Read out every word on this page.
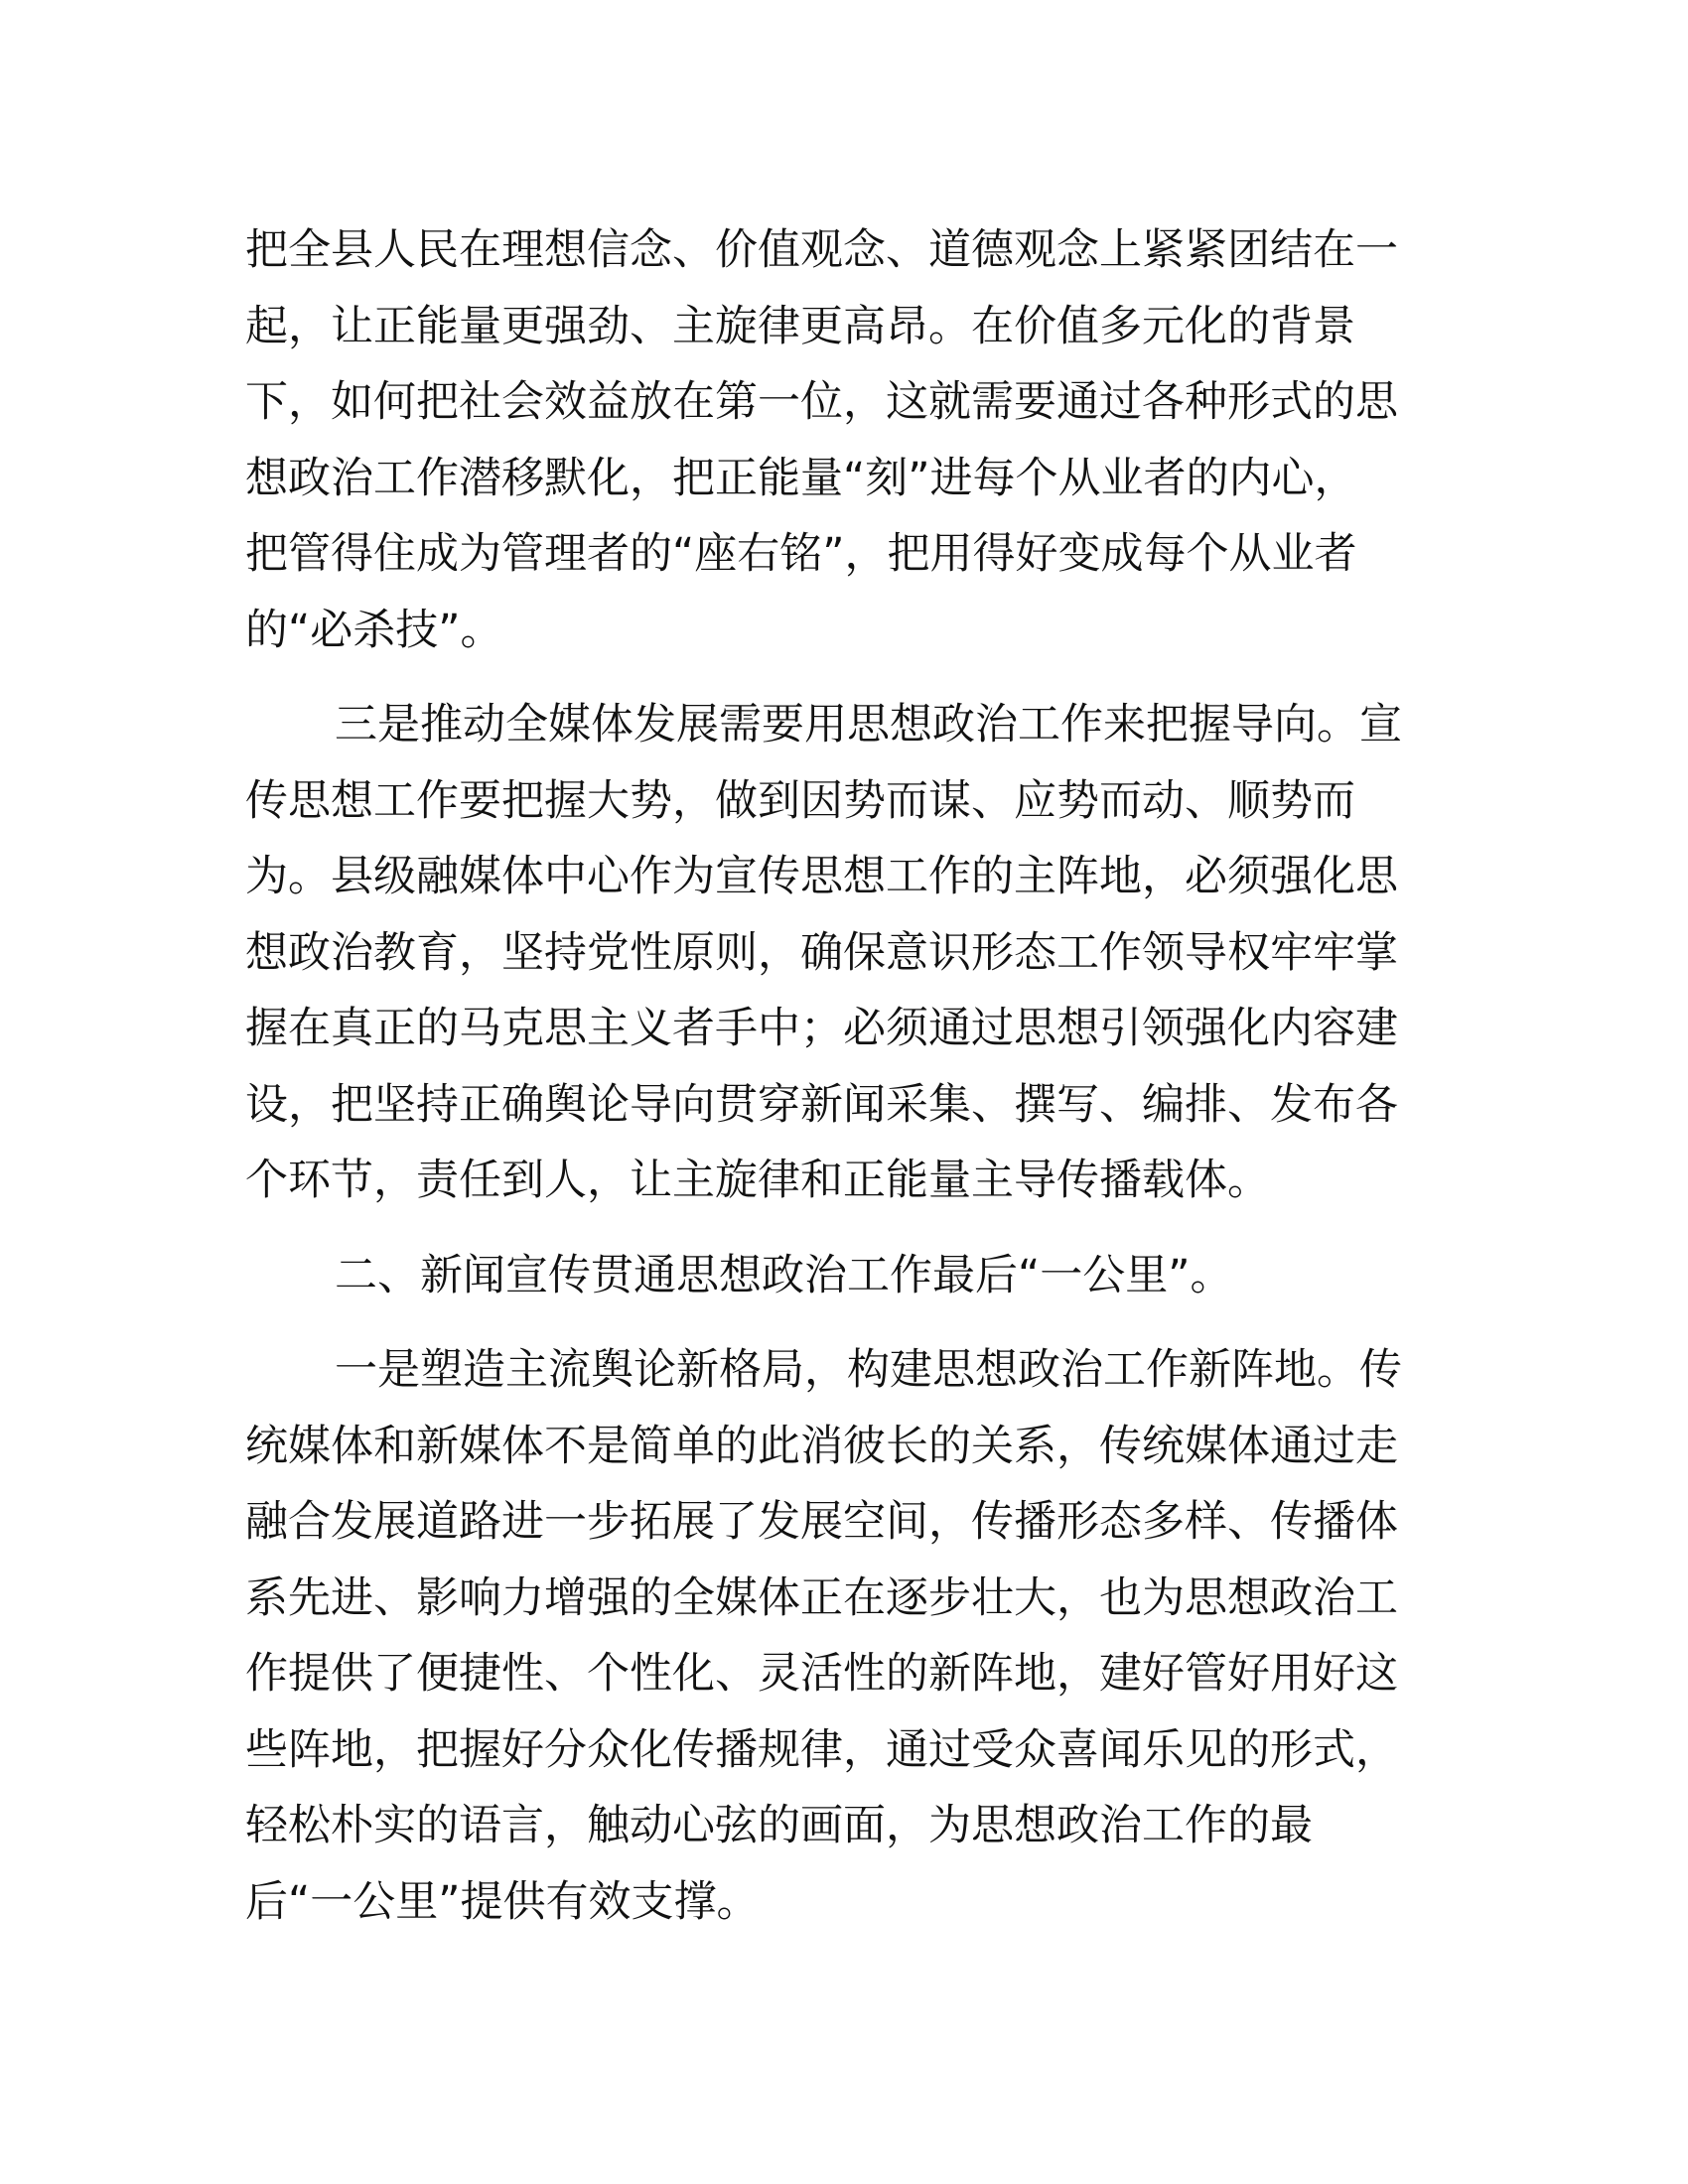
把全县人民在理想信念、价值观念、道德观念上紧紧团结在一
起，让正能量更强劲、主旋律更高昂。在价值多元化的背景
下，如何把社会效益放在第一位，这就需要通过各种形式的思
想政治工作潜移默化，把正能量“刻”进每个从业者的内心，
把管得住成为管理者的“座右铭”，把用得好变成每个从业者
的“必杀技”。
三是推动全媒体发展需要用思想政治工作来把握导向。宣
传思想工作要把握大势，做到因势而谋、应势而动、顺势而
为。县级融媒体中心作为宣传思想工作的主阵地，必须强化思
想政治教育，坚持党性原则，确保意识形态工作领导权牢牢掌
握在真正的马克思主义者手中；必须通过思想引领强化内容建
设，把坚持正确舆论导向贯穿新闻采集、撰写、编排、发布各
个环节，责任到人，让主旋律和正能量主导传播载体。
二、新闻宣传贯通思想政治工作最后“一公里”。
一是塑造主流舆论新格局，构建思想政治工作新阵地。传
统媒体和新媒体不是简单的此消彼长的关系，传统媒体通过走
融合发展道路进一步拓展了发展空间，传播形态多样、传播体
系先进、影响力增强的全媒体正在逐步壮大，也为思想政治工
作提供了便捷性、个性化、灵活性的新阵地，建好管好用好这
些阵地，把握好分众化传播规律，通过受众喜闻乐见的形式，
轻松朴实的语言，触动心弦的画面，为思想政治工作的最
后“一公里”提供有效支撑。
